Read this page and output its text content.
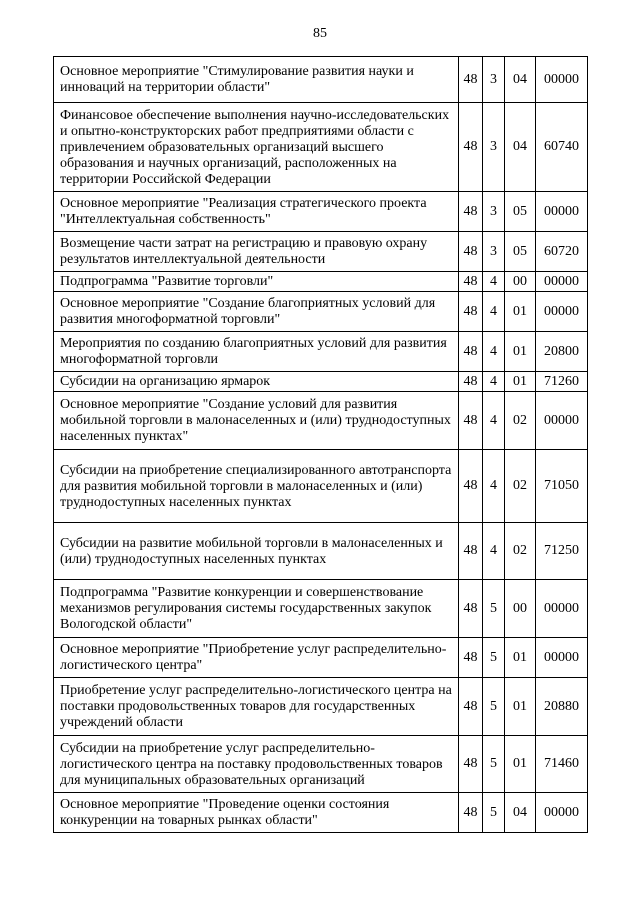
85
Основное мероприятие "Стимулирование развития науки и инноваций на территории области"	48	3	04	00000
Финансовое обеспечение выполнения научно-исследовательских и опытно-конструкторских работ предприятиями области с привлечением образовательных организаций высшего образования и научных организаций, расположенных на территории Российской Федерации	48	3	04	60740
Основное мероприятие "Реализация стратегического проекта "Интеллектуальная собственность"	48	3	05	00000
Возмещение части затрат на регистрацию и правовую охрану результатов интеллектуальной деятельности	48	3	05	60720
Подпрограмма "Развитие торговли"	48	4	00	00000
Основное мероприятие "Создание благоприятных условий для развития многоформатной торговли"	48	4	01	00000
Мероприятия по созданию благоприятных условий для развития многоформатной торговли	48	4	01	20800
Субсидии на организацию ярмарок	48	4	01	71260
Основное мероприятие "Создание условий для развития мобильной торговли в малонаселенных и (или) труднодоступных населенных пунктах"	48	4	02	00000
Субсидии на приобретение специализированного автотранспорта для развития мобильной торговли в малонаселенных и (или) труднодоступных населенных пунктах	48	4	02	71050
Субсидии на развитие мобильной торговли в малонаселенных и (или) труднодоступных населенных пунктах	48	4	02	71250
Подпрограмма "Развитие конкуренции и совершенствование механизмов регулирования системы государственных закупок Вологодской области"	48	5	00	00000
Основное мероприятие "Приобретение услуг распределительно-логистического центра"	48	5	01	00000
Приобретение услуг распределительно-логистического центра на поставки продовольственных товаров для государственных учреждений области	48	5	01	20880
Субсидии на приобретение услуг распределительно-логистического центра на поставку продовольственных товаров для муниципальных образовательных организаций	48	5	01	71460
Основное мероприятие "Проведение оценки состояния конкуренции на товарных рынках области"	48	5	04	00000
